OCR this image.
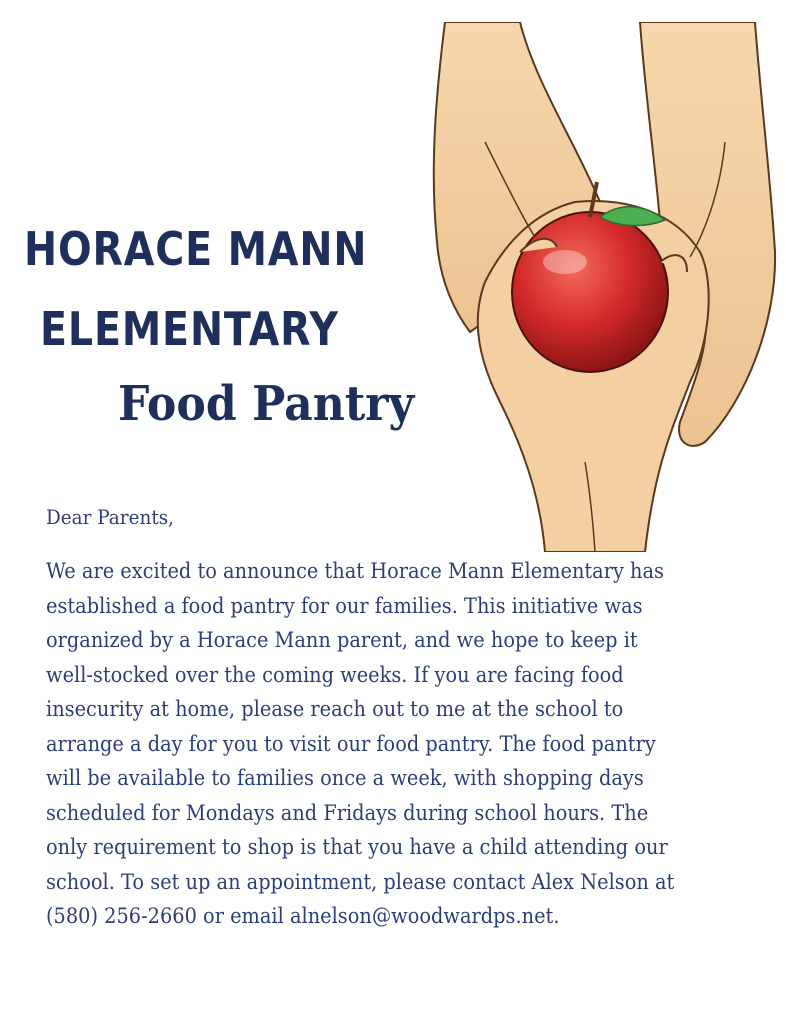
HORACE MANN
ELEMENTARY
Food Pantry

Dear Parents,

We are excited to announce that Horace Mann Elementary has
established a food pantry for our families. This initiative was
organized by a Horace Mann parent, and we hope to keep it
well-stocked over the coming weeks. If you are facing food
insecurity at home, please reach out to me at the school to
arrange a day for you to visit our food pantry. The food pantry
will be available to families once a week, with shopping days
scheduled for Mondays and Fridays during school hours. The
only requirement to shop is that you have a child attending our
school. To set up an appointment, please contact Alex Nelson at
(580) 256-2660 or email alnelson@woodwardps.net.
